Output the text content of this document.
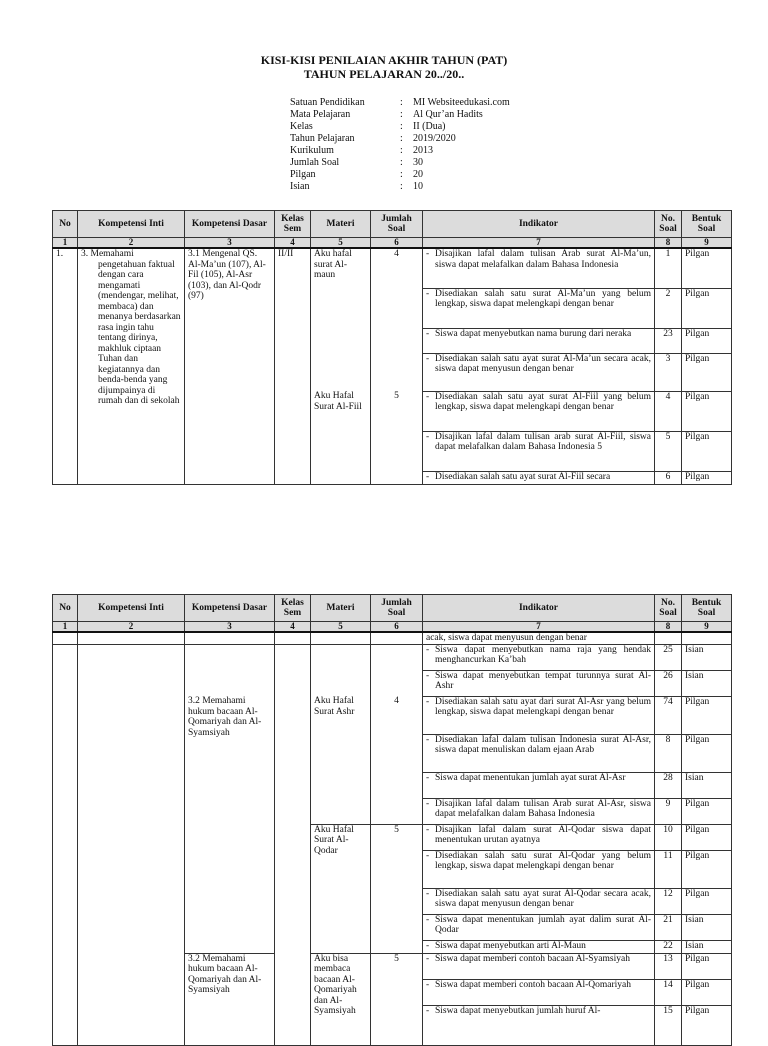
KISI-KISI PENILAIAN AKHIR TAHUN (PAT)
TAHUN PELAJARAN 20../20..
Satuan Pendidikan	:	MI Websiteedukasi.com
Mata Pelajaran	:	Al Qur’an Hadits
Kelas	:	II (Dua)
Tahun Pelajaran	:	2019/2020
Kurikulum	:	2013
Jumlah Soal	:	30
Pilgan	:	20
Isian	:	10
No	Kompetensi Inti	Kompetensi Dasar	Kelas Sem	Materi	Jumlah Soal	Indikator	No. Soal	Bentuk Soal
1	2	3	4	5	6	7	8	9
1.	3. Memahami pengetahuan faktual dengan cara mengamati (mendengar, melihat, membaca) dan menanya berdasarkan rasa ingin tahu tentang dirinya, makhluk ciptaan Tuhan dan kegiatannya dan benda-benda yang dijumpainya di rumah dan di sekolah	3.1 Mengenal QS. Al-Ma’un (107), Al-Fil (105), Al-Asr (103), dan Al-Qodr (97)	II/II	Aku hafal surat Al-maun	4	- Disajikan lafal dalam tulisan Arab surat Al-Ma’un, siswa dapat melafalkan dalam Bahasa Indonesia	1	Pilgan

						- Disediakan salah satu surat Al-Ma’un yang belum lengkap, siswa dapat melengkapi dengan benar	2	Pilgan

						- Siswa dapat menyebutkan nama burung dari neraka	23	Pilgan

						- Disediakan salah satu ayat surat Al-Ma’un secara acak, siswa dapat menyusun dengan benar	3	Pilgan
				Aku Hafal Surat Al-Fiil	5	- Disediakan salah satu ayat surat Al-Fiil yang belum lengkap, siswa dapat melengkapi dengan benar	4	Pilgan

						- Disajikan lafal dalam tulisan arab surat Al-Fiil, siswa dapat melafalkan dalam Bahasa Indonesia 5	5	Pilgan

						- Disediakan salah satu ayat surat Al-Fiil secara	6	Pilgan
No	Kompetensi Inti	Kompetensi Dasar	Kelas Sem	Materi	Jumlah Soal	Indikator	No. Soal	Bentuk Soal
1	2	3	4	5	6	7	8	9
						acak, siswa dapat menyusun dengan benar		

						- Siswa dapat menyebutkan nama raja yang hendak menghancurkan Ka’bah	25	Isian

						- Siswa dapat menyebutkan tempat turunnya surat Al-Ashr	26	Isian
		3.2 Memahami hukum bacaan Al-Qomariyah dan Al-Syamsiyah		Aku Hafal Surat Ashr	4	- Disediakan salah satu ayat dari surat Al-Asr yang belum lengkap, siswa dapat melengkapi dengan benar	74	Pilgan

						- Disediakan lafal dalam tulisan Indonesia surat Al-Asr, siswa dapat menuliskan dalam ejaan Arab	8	Pilgan

						- Siswa dapat menentukan jumlah ayat surat Al-Asr	28	Isian

						- Disajikan lafal dalam tulisan Arab surat Al-Asr, siswa dapat melafalkan dalam Bahasa Indonesia	9	Pilgan
				Aku Hafal Surat Al-Qodar	5	- Disajikan lafal dalam surat Al-Qodar siswa dapat menentukan urutan ayatnya	10	Pilgan

						- Disediakan salah satu surat Al-Qodar yang belum lengkap, siswa dapat melengkapi dengan benar	11	Pilgan

						- Disediakan salah satu ayat surat Al-Qodar secara acak, siswa dapat menyusun dengan benar	12	Pilgan

						- Siswa dapat menentukan jumlah ayat dalim surat Al-Qodar	21	Isian

						- Siswa dapat menyebutkan arti Al-Maun	22	Isian
		3.2 Memahami hukum bacaan Al-Qomariyah dan Al-Syamsiyah		Aku bisa membaca bacaan Al-Qomariyah dan Al-Syamsiyah	5	- Siswa dapat memberi contoh bacaan Al-Syamsiyah	13	Pilgan

						- Siswa dapat memberi contoh bacaan Al-Qomariyah	14	Pilgan

						- Siswa dapat menyebutkan jumlah huruf Al-	15	Pilgan
